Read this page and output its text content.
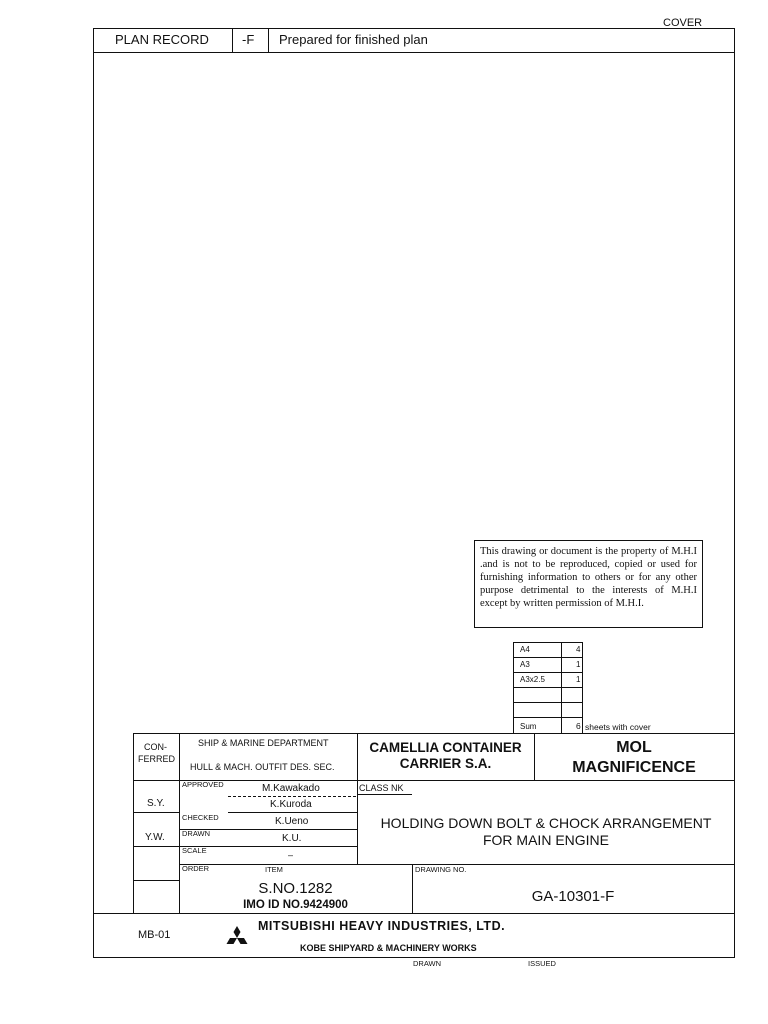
COVER
PLAN RECORD	-F Prepared for finished plan
This drawing or document is the property of M.H.I .and is not to be reproduced, copied or used for furnishing information to others or for any other purpose detrimental to the interests of M.H.I except by written permission of M.H.I.
A4	4
A3	1
A3x2.5	1
Sum	6 sheets with cover
CON-
FERRED
S.Y.
Y.W.
SHIP & MARINE DEPARTMENT
HULL & MACH. OUTFIT DES. SEC.
CAMELLIA CONTAINER
CARRIER S.A.
MOL
MAGNIFICENCE
APPROVED	M.Kawakado
K.Kuroda
CHECKED	K.Ueno
DRAWN	K.U.
SCALE	–
CLASS NK
HOLDING DOWN BOLT & CHOCK ARRANGEMENT
FOR MAIN ENGINE
ORDER	ITEM
S.NO.1282
IMO ID NO.9424900
DRAWING NO.
GA-10301-F
MB-01
MITSUBISHI HEAVY INDUSTRIES, LTD.
KOBE SHIPYARD & MACHINERY WORKS
DRAWN	ISSUED
